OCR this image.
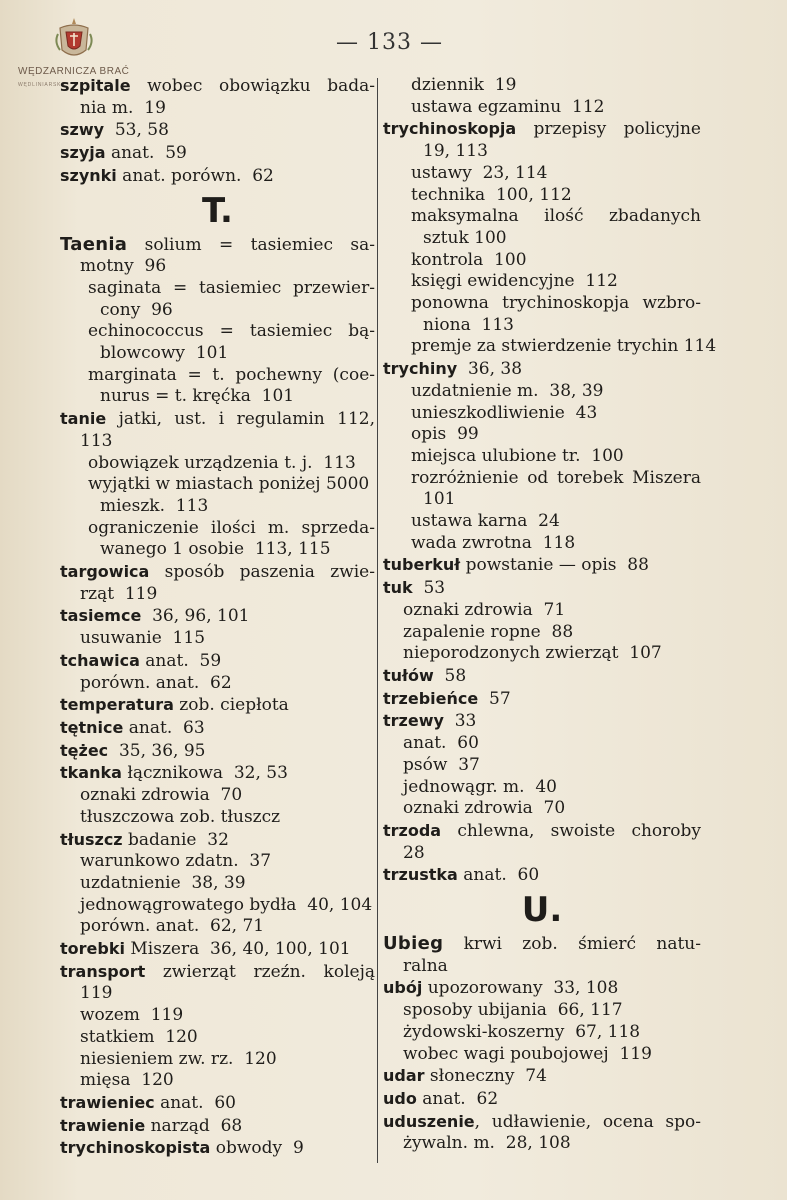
WĘDZARNICZA BRAĆ
WĘDLINIARSKA
— 133 —
szpitale wobec obowiązku bada-
nia m.  19
szwy  53, 58
szyja anat.  59
szynki anat. porówn.  62
T.
Taenia solium = tasiemiec sa-
motny  96
saginata = tasiemiec przewier-
cony  96
echinococcus = tasiemiec bą-
blowcowy  101
marginata = t. pochewny (coe-
nurus = t. kręćka  101
tanie jatki, ust. i regulamin 112,
113
obowiązek urządzenia t. j.  113
wyjątki w miastach poniżej 5000
mieszk.  113
ograniczenie ilości m. sprzeda-
wanego 1 osobie  113, 115
targowica sposób paszenia zwie-
rząt  119
tasiemce  36, 96, 101
usuwanie  115
tchawica anat.  59
porówn. anat.  62
temperatura zob. ciepłota
tętnice anat.  63
tężec  35, 36, 95
tkanka łącznikowa  32, 53
oznaki zdrowia  70
tłuszczowa zob. tłuszcz
tłuszcz badanie  32
warunkowo zdatn.  37
uzdatnienie  38, 39
jednowągrowatego bydła  40, 104
porówn. anat.  62, 71
torebki Miszera  36, 40, 100, 101
transport zwierząt rzeźn. koleją
119
wozem  119
statkiem  120
niesieniem zw. rz.  120
mięsa  120
trawieniec anat.  60
trawienie narząd  68
trychinoskopista obwody  9
dziennik  19
ustawa egzaminu  112
trychinoskopja przepisy policyjne
19, 113
ustawy  23, 114
technika  100, 112
maksymalna ilość zbadanych
sztuk 100
kontrola  100
księgi ewidencyjne  112
ponowna trychinoskopja wzbro-
niona  113
premje za stwierdzenie trychin 114
trychiny  36, 38
uzdatnienie m.  38, 39
unieszkodliwienie  43
opis  99
miejsca ulubione tr.  100
rozróżnienie od torebek Miszera
101
ustawa karna  24
wada zwrotna  118
tuberkuł powstanie — opis  88
tuk  53
oznaki zdrowia  71
zapalenie ropne  88
nieporodzonych zwierząt  107
tułów  58
trzebieńce  57
trzewy  33
anat.  60
psów  37
jednowągr. m.  40
oznaki zdrowia  70
trzoda chlewna, swoiste choroby
28
trzustka anat.  60
U.
Ubieg krwi zob. śmierć natu-
ralna
ubój upozorowany  33, 108
sposoby ubijania  66, 117
żydowski-koszerny  67, 118
wobec wagi poubojowej  119
udar słoneczny  74
udo anat.  62
uduszenie, udławienie, ocena spo-
żywaln. m.  28, 108
